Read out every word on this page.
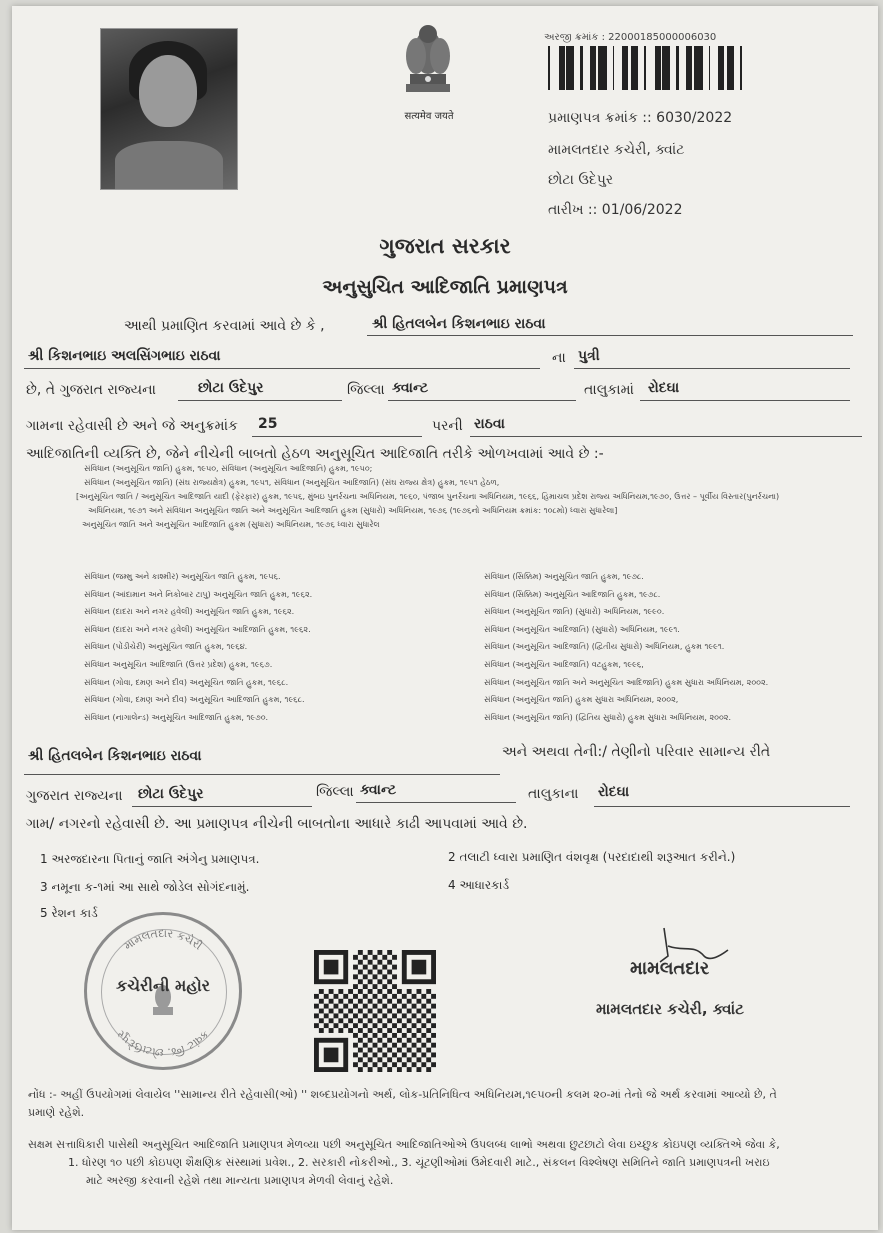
सत्यमेव जयते
અરજી ક્રમાંક : 22000185000006030
પ્રમાણપત્ર ક્રમાંક :: 6030/2022
મામલતદાર કચેરી, ક્વાંટ
છોટા ઉદેપુર
તારીખ :: 01/06/2022
ગુજરાત સરકાર
અનુસુચિત આદિજાતિ પ્રમાણપત્ર
આથી પ્રમાણિત કરવામાં આવે છે કે ,	શ્રી હિતલબેન કિશનભાઇ રાઠવા
શ્રી કિશનભાઇ અલસિંગભાઇ રાઠવા	ના પુત્રી
છે, તે ગુજરાત રાજ્યના	છોટા ઉદેપુર	જિલ્લા ક્વાન્ટ	તાલુકામાં રોદઘા
ગામના રહેવાસી છે અને જે અનુક્રમાંક 25	પરની રાઠવા
આદિજાતિની વ્યક્તિ છે, જેને નીચેની બાબતો હેઠળ અનુસૂચિત આદિજાતિ તરીકે ઓળખવામાં આવે છે :-
સંવિધાન (અનુસૂચિત જાતિ) હુકમ, ૧૯૫૦, સંવિધાન (અનુસૂચિત આદિજાતિ) હુકમ, ૧૯૫૦;
સંવિધાન (અનુસૂચિત જાતિ) (સંઘ રાજ્યક્ષેત્ર) હુકમ, ૧૯૫૧, સંવિધાન (અનુસૂચિત આદિજાતિ) (સંઘ રાજ્ય ક્ષેત્ર) હુકમ, ૧૯૫૧ હેઠળ,
[અનુસૂચિત જાતિ / અનુસૂચિત આદિજાતિ યાદી (ફેરફાર) હુકમ, ૧૯૫૬, મુંબઇ પુનર્રચના અધિનિયમ, ૧૯૬૦, પંજાબ પુનર્રચના અધિનિયમ, ૧૯૬૬, હિમાચલ પ્રદેશ રાજ્ય અધિનિયમ,૧૯૭૦, ઉત્તર – પૂર્વીય વિસ્તાર(પુનર્રચના)
અધિનિયમ, ૧૯૭૧ અને સંવિધાન અનુસૂચિત જાતિ અને અનુસૂચિત આદિજાતિ હુકમ (સુધારો) અધિનિયમ, ૧૯૭૬ (૧૯૭૬નો અધિનિયમ ક્રમાંક: ૧૦૮મો) ધ્વારા સુધારેલા]
અનુસૂચિત જાતિ અને અનુસૂચિત આદિજાતિ હુકમ (સુધારા) અધિનિયમ, ૧૯૭૬ ધ્વારા સુધારેલ
સંવિધાન (જમ્મુ અને કાશ્મીર) અનુસૂચિત જાતિ હુકમ, ૧૯૫૬.
સંવિધાન (આંદામાન અને નિકોબાર ટાપુ) અનુસૂચિત જાતિ હુકમ, ૧૯૬૨.
સંવિધાન (દાદરા અને નગર હવેલી) અનુસૂચિત જાતિ હુકમ, ૧૯૬૨.
સંવિધાન (દાદરા અને નગર હવેલી) અનુસૂચિત આદિજાતિ હુકમ, ૧૯૬૨.
સંવિધાન (પોંડીચેરી) અનુસૂચિત જાતિ હુકમ, ૧૯૬૪.
સંવિધાન અનુસૂચિત આદિજાતિ (ઉત્તર પ્રદેશ) હુકમ, ૧૯૬૭.
સંવિધાન (ગોવા, દમણ અને દીવ) અનુસૂચિત જાતિ હુકમ, ૧૯૬૮.
સંવિધાન (ગોવા, દમણ અને દીવ) અનુસૂચિત આદિજાતિ હુકમ, ૧૯૬૮.
સંવિધાન (નાગાલેન્ડ) અનુસૂચિત આદિજાતિ હુકમ, ૧૯૭૦.
સંવિધાન (સિક્કિમ) અનુસૂચિત જાતિ હુકમ, ૧૯૭૮.
સંવિધાન (સિક્કિમ) અનુસૂચિત આદિજાતિ હુકમ, ૧૯૭૮.
સંવિધાન (અનુસૂચિત જાતિ) (સુધારો) અધિનિયમ, ૧૯૯૦.
સંવિધાન (અનુસૂચિત આદિજાતિ) (સુધારો) અધિનિયમ, ૧૯૯૧.
સંવિધાન (અનુસૂચિત આદિજાતિ) (દ્વિતીય સુધારો) અધિનિયમ, હુકમ ૧૯૯૧.
સંવિધાન (અનુસૂચિત આદિજાતિ) વટહુકમ, ૧૯૯૬,
સંવિધાન (અનુસૂચિત જાતિ અને અનુસૂચિત આદિજાતિ) હુકમ સુધારા અધિનિયમ, ૨૦૦૨.
સંવિધાન (અનુસૂચિત જાતિ) હુકમ સુધારા અધિનિયમ, ૨૦૦૨,
સંવિધાન (અનુસૂચિત જાતિ) (દ્વિતિય સુધારો) હુકમ સુધારા અધિનિયમ, ૨૦૦૨.
શ્રી હિતલબેન કિશનભાઇ રાઠવા	અને અથવા તેની:/ તેણીનો પરિવાર સામાન્ય રીતે
ગુજરાત રાજ્યના છોટા ઉદેપુર	જિલ્લા ક્વાન્ટ	તાલુકાના રોદઘા
ગામ/ નગરનો રહેવાસી છે. આ પ્રમાણપત્ર નીચેની બાબતોના આધારે કાઢી આપવામાં આવે છે.
1 અરજદારના પિતાનું જાતિ અંગેનુ પ્રમાણપત્ર.	2 તલાટી ધ્વારા પ્રમાણિત વંશવૃક્ષ (પરદાદાથી શરૂઆત કરીને.)
3 નમૂના ક-૧માં આ સાથે જોડેલ સોગંદનામું.	4 આધારકાર્ડ
5 રેશન કાર્ડ
મામલતદાર કચેરી
ક્વાંટ જિ. છોટાઉદેપુર
કચેરીની મહોર
મામલતદાર
મામલતદાર કચેરી, ક્વાંટ
નોંધ :- અહીં ઉપયોગમાં લેવાયેલ ''સામાન્ય રીતે રહેવાસી(ઓ) '' શબ્દપ્રયોગનો અર્થ, લોક-પ્રતિનિધિત્વ અધિનિયમ,૧૯૫૦ની કલમ ૨૦-માં તેનો જે અર્થ કરવામાં આવ્યો છે, તે
પ્રમાણે રહેશે.
સક્ષમ સત્તાધિકારી પાસેથી અનુસૂચિત આદિજાતિ પ્રમાણપત્ર મેળવ્યા પછી અનુસૂચિત આદિજાતિઓએ ઉપલબ્ધ લાભો અથવા છુટછાટો લેવા ઇચ્છુક કોઇપણ વ્યક્તિએ જેવા કે,
1. ધોરણ ૧૦ પછી કોઇપણ શૈક્ષણિક સંસ્થામાં પ્રવેશ., 2. સરકારી નોકરીઓ., 3. ચૂંટણીઓમાં ઉમેદવારી માટે., સંકલન વિશ્લેષણ સમિતિને જાતિ પ્રમાણપત્રની ખરાઇ
માટે અરજી કરવાની રહેશે તથા માન્યતા પ્રમાણપત્ર મેળવી લેવાનું રહેશે.
